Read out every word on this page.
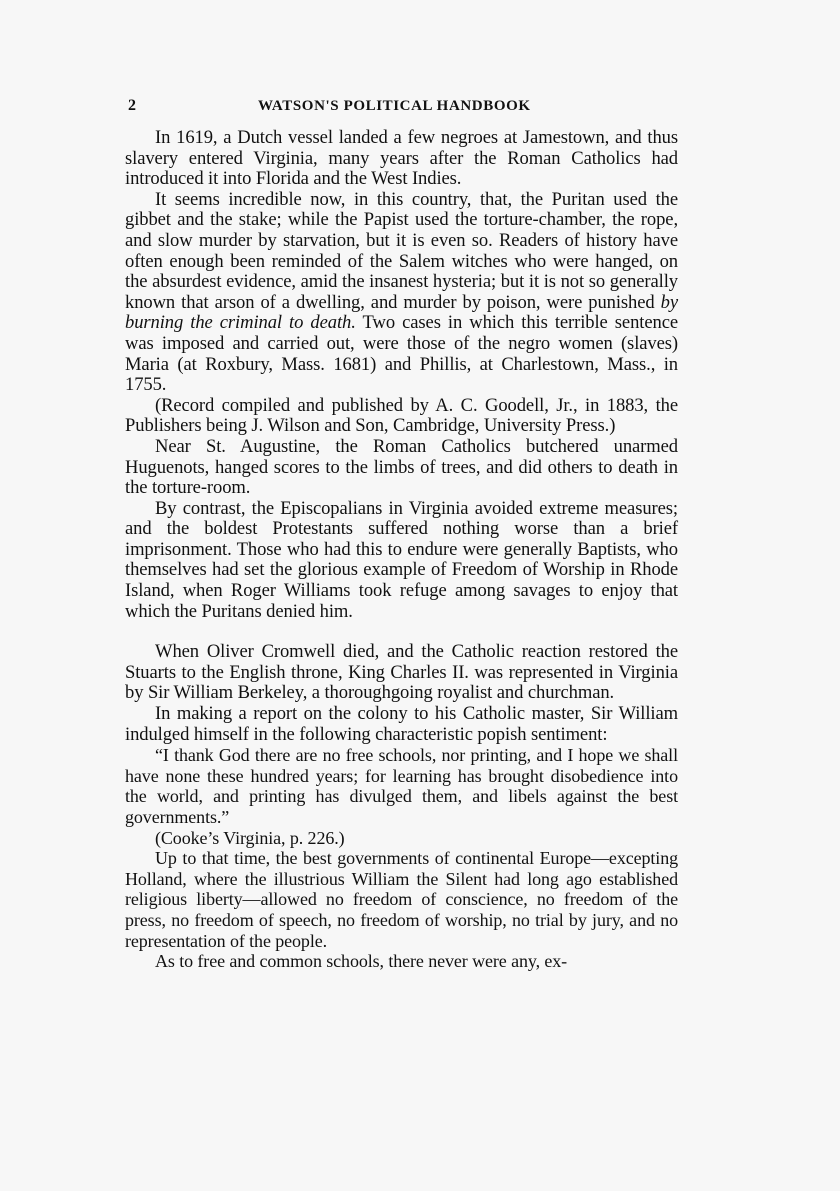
2	WATSON'S POLITICAL HANDBOOK

In 1619, a Dutch vessel landed a few negroes at Jamestown, and thus slavery entered Virginia, many years after the Roman Catholics had introduced it into Florida and the West Indies.

It seems incredible now, in this country, that, the Puritan used the gibbet and the stake; while the Papist used the torture-chamber, the rope, and slow murder by starvation, but it is even so. Readers of history have often enough been reminded of the Salem witches who were hanged, on the absurdest evidence, amid the insanest hysteria; but it is not so generally known that arson of a dwelling, and murder by poison, were punished by burning the criminal to death. Two cases in which this terrible sentence was imposed and carried out, were those of the negro women (slaves) Maria (at Roxbury, Mass. 1681) and Phillis, at Charlestown, Mass., in 1755.

(Record compiled and published by A. C. Goodell, Jr., in 1883, the Publishers being J. Wilson and Son, Cambridge, University Press.)

Near St. Augustine, the Roman Catholics butchered unarmed Huguenots, hanged scores to the limbs of trees, and did others to death in the torture-room.

By contrast, the Episcopalians in Virginia avoided extreme measures; and the boldest Protestants suffered nothing worse than a brief imprisonment. Those who had this to endure were generally Baptists, who themselves had set the glorious example of Freedom of Worship in Rhode Island, when Roger Williams took refuge among savages to enjoy that which the Puritans denied him.

When Oliver Cromwell died, and the Catholic reaction restored the Stuarts to the English throne, King Charles II. was represented in Virginia by Sir William Berkeley, a thoroughgoing royalist and churchman.

In making a report on the colony to his Catholic master, Sir William indulged himself in the following characteristic popish sentiment:

“I thank God there are no free schools, nor printing, and I hope we shall have none these hundred years; for learning has brought disobedience into the world, and printing has divulged them, and libels against the best governments.”

(Cooke’s Virginia, p. 226.)

Up to that time, the best governments of continental Europe—excepting Holland, where the illustrious William the Silent had long ago established religious liberty—allowed no freedom of conscience, no freedom of the press, no freedom of speech, no freedom of worship, no trial by jury, and no representation of the people.

As to free and common schools, there never were any, ex-
